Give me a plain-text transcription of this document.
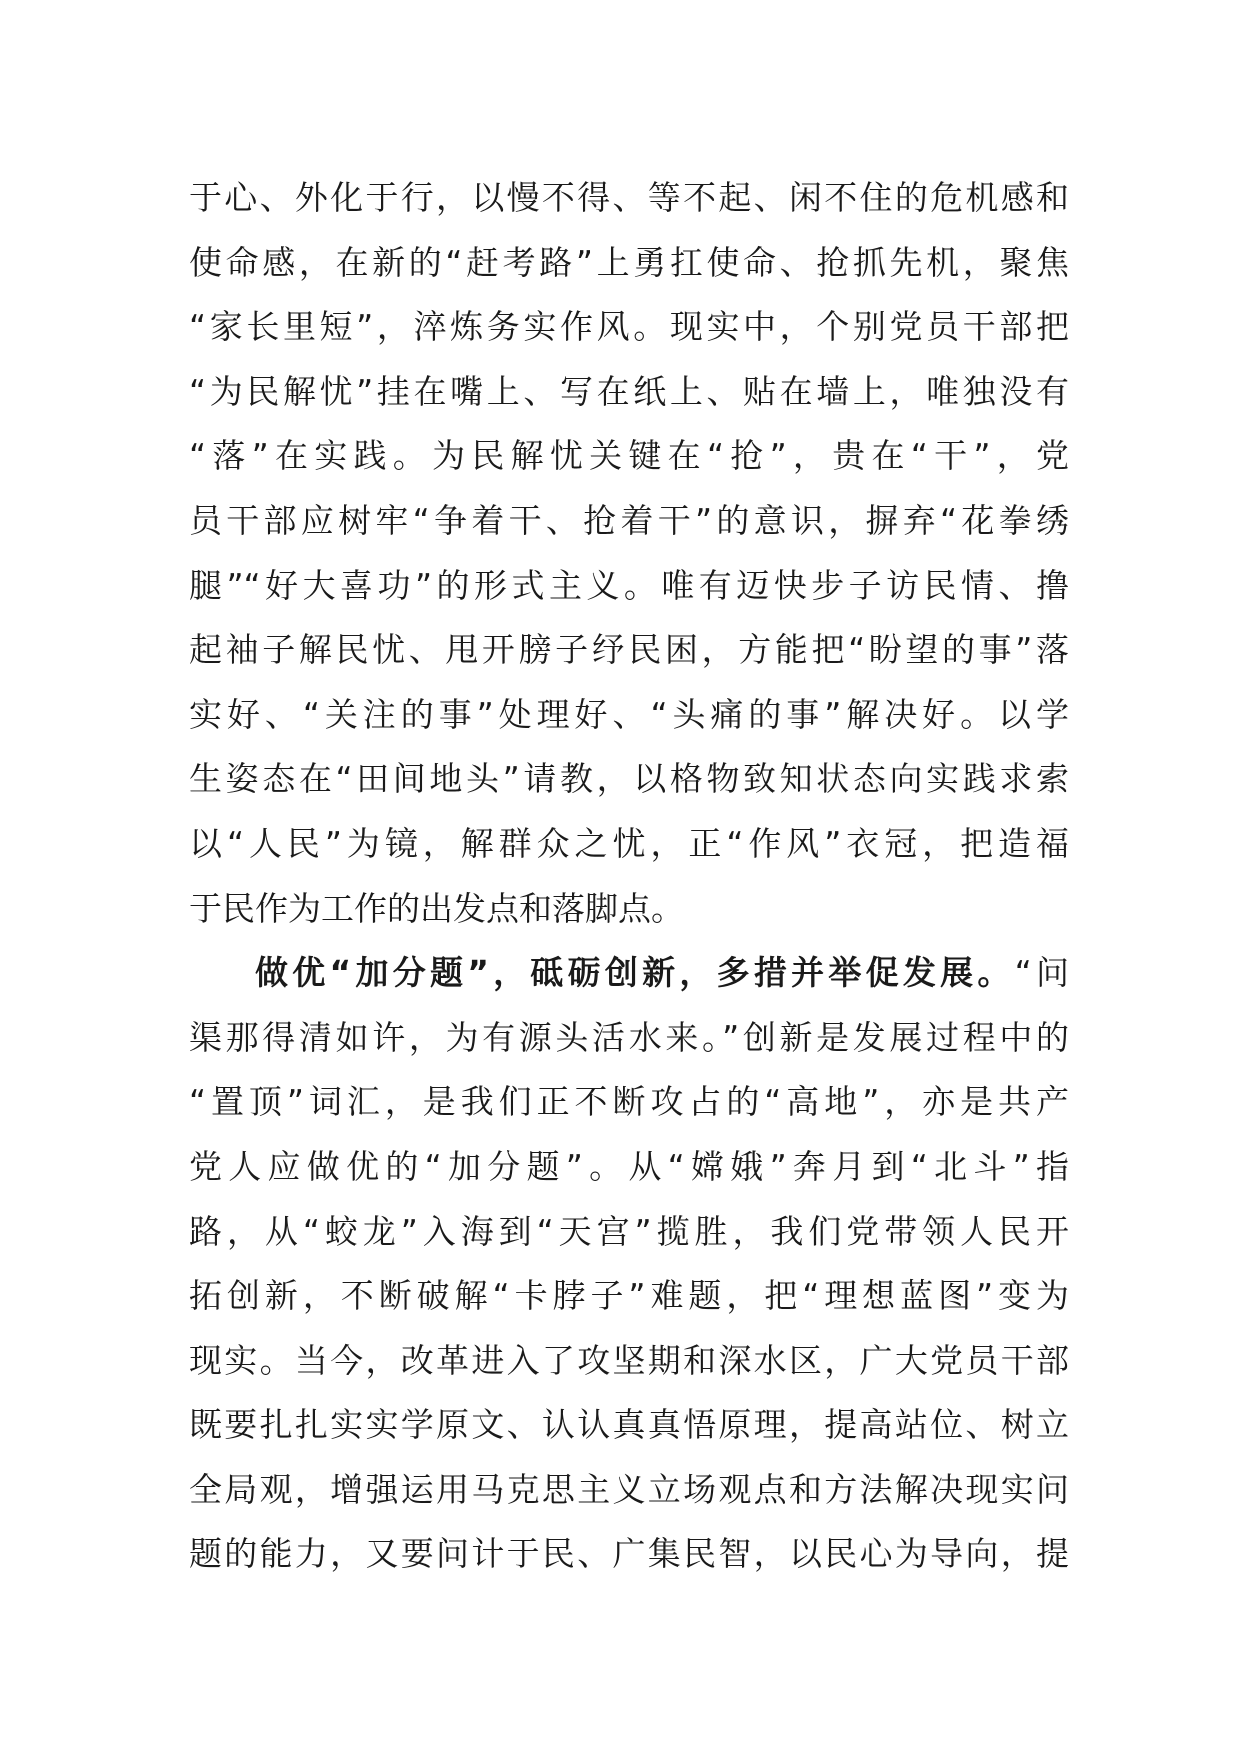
于心、外化于行，以慢不得、等不起、闲不住的危机感和
使命感，在新的“赶考路”上勇扛使命、抢抓先机，聚焦
“家长里短”，淬炼务实作风。现实中，个别党员干部把
“为民解忧”挂在嘴上、写在纸上、贴在墙上，唯独没有
“落”在实践。为民解忧关键在“抢”，贵在“干”，党
员干部应树牢“争着干、抢着干”的意识，摒弃“花拳绣
腿”“好大喜功”的形式主义。唯有迈快步子访民情、撸
起袖子解民忧、甩开膀子纾民困，方能把“盼望的事”落
实好、“关注的事”处理好、“头痛的事”解决好。以学
生姿态在“田间地头”请教，以格物致知状态向实践求索
以“人民”为镜，解群众之忧，正“作风”衣冠，把造福
于民作为工作的出发点和落脚点。
做优“加分题”，砥砺创新，多措并举促发展。“问
渠那得清如许，为有源头活水来。”创新是发展过程中的
“置顶”词汇，是我们正不断攻占的“高地”，亦是共产
党人应做优的“加分题”。从“嫦娥”奔月到“北斗”指
路，从“蛟龙”入海到“天宫”揽胜，我们党带领人民开
拓创新，不断破解“卡脖子”难题，把“理想蓝图”变为
现实。当今，改革进入了攻坚期和深水区，广大党员干部
既要扎扎实实学原文、认认真真悟原理，提高站位、树立
全局观，增强运用马克思主义立场观点和方法解决现实问
题的能力，又要问计于民、广集民智，以民心为导向，提
